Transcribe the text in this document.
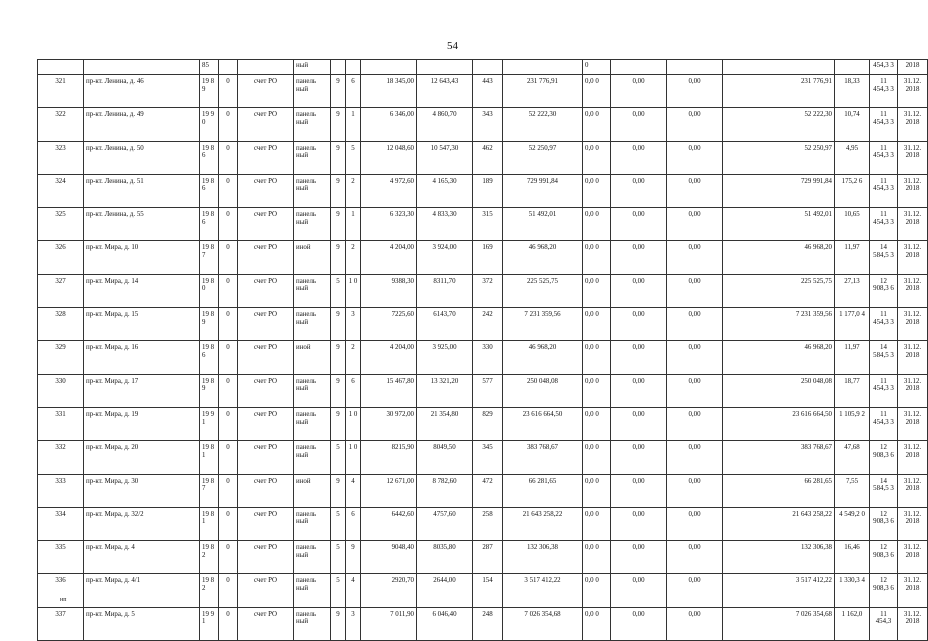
54
		85			ный							0					454,3 3	2018
321	пр-кт. Ленина, д. 46	19 89	0	счет РО	панель ный	9	6	18 345,00	12 643,43	443	231 776,91	0,0 0	0,00	0,00	231 776,91	18,33	11 454,3 3	31.12. 2018
322	пр-кт. Ленина, д. 49	19 90	0	счет РО	панель ный	9	1	6 346,00	4 860,70	343	52 222,30	0,0 0	0,00	0,00	52 222,30	10,74	11 454,3 3	31.12. 2018
323	пр-кт. Ленина, д. 50	19 86	0	счет РО	панель ный	9	5	12 048,60	10 547,30	462	52 250,97	0,0 0	0,00	0,00	52 250,97	4,95	11 454,3 3	31.12. 2018
324	пр-кт. Ленина, д. 51	19 86	0	счет РО	панель ный	9	2	4 972,60	4 165,30	189	729 991,84	0,0 0	0,00	0,00	729 991,84	175,2 6	11 454,3 3	31.12. 2018
325	пр-кт. Ленина, д. 55	19 86	0	счет РО	панель ный	9	1	6 323,30	4 833,30	315	51 492,01	0,0 0	0,00	0,00	51 492,01	10,65	11 454,3 3	31.12. 2018
326	пр-кт. Мира, д. 10	19 87	0	счет РО	иной	9	2	4 204,00	3 924,00	169	46 968,20	0,0 0	0,00	0,00	46 968,20	11,97	14 584,5 3	31.12. 2018
327	пр-кт. Мира, д. 14	19 80	0	счет РО	панель ный	5	1 0	9388,30	8311,70	372	225 525,75	0,0 0	0,00	0,00	225 525,75	27,13	12 908,3 6	31.12. 2018
328	пр-кт. Мира, д. 15	19 89	0	счет РО	панель ный	9	3	7225,60	6143,70	242	7 231 359,56	0,0 0	0,00	0,00	7 231 359,56	1 177,0 4	11 454,3 3	31.12. 2018
329	пр-кт. Мира, д. 16	19 86	0	счет РО	иной	9	2	4 204,00	3 925,00	330	46 968,20	0,0 0	0,00	0,00	46 968,20	11,97	14 584,5 3	31.12. 2018
330	пр-кт. Мира, д. 17	19 89	0	счет РО	панель ный	9	6	15 467,80	13 321,20	577	250 048,08	0,0 0	0,00	0,00	250 048,08	18,77	11 454,3 3	31.12. 2018
331	пр-кт. Мира, д. 19	19 91	0	счет РО	панель ный	9	1 0	30 972,00	21 354,80	829	23 616 664,50	0,0 0	0,00	0,00	23 616 664,50	1 105,9 2	11 454,3 3	31.12. 2018
332	пр-кт. Мира, д. 20	19 81	0	счет РО	панель ный	5	1 0	8215,90	8049,50	345	383 768,67	0,0 0	0,00	0,00	383 768,67	47,68	12 908,3 6	31.12. 2018
333	пр-кт. Мира, д. 30	19 87	0	счет РО	иной	9	4	12 671,00	8 782,60	472	66 281,65	0,0 0	0,00	0,00	66 281,65	7,55	14 584,5 3	31.12. 2018
334	пр-кт. Мира, д. 32/2	19 81	0	счет РО	панель ный	5	6	6442,60	4757,60	258	21 643 258,22	0,0 0	0,00	0,00	21 643 258,22	4 549,2 0	12 908,3 6	31.12. 2018
335	пр-кт. Мира, д. 4	19 82	0	счет РО	панель ный	5	9	9048,40	8035,80	287	132 306,38	0,0 0	0,00	0,00	132 306,38	16,46	12 908,3 6	31.12. 2018
336	пр-кт. Мира, д. 4/1	19 82	0	счет РО	панель ный	5	4	2920,70	2644,00	154	3 517 412,22	0,0 0	0,00	0,00	3 517 412,22	1 330,3 4	12 908,3 6	31.12. 2018
337	пр-кт. Мира, д. 5	19 91	0	счет РО	панель ный	9	3	7 011,90	6 046,40	248	7 026 354,68	0,0 0	0,00	0,00	7 026 354,68	1 162,0	11 454,3	31.12. 2018
нп
